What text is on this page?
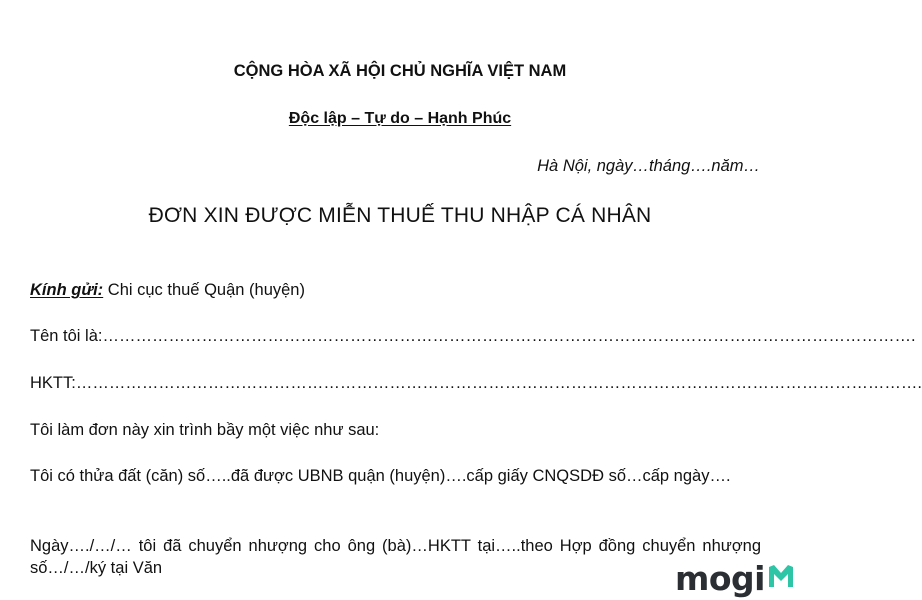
CỘNG HÒA XÃ HỘI CHỦ NGHĨA VIỆT NAM
Độc lập – Tự do – Hạnh Phúc
Hà Nội, ngày…tháng….năm…
ĐƠN XIN ĐƯỢC MIỄN THUẾ THU NHẬP CÁ NHÂN
Kính gửi: Chi cục thuế Quận (huyện)
Tên tôi là:………………………………………………………………………………………………………………………………….
HKTT:……………………………………………………………………………………………………………………………………….
Tôi làm đơn này xin trình bầy một việc như sau:
Tôi có thửa đất (căn) số…..đã được UBNB quận (huyện)….cấp giấy CNQSDĐ số…cấp ngày….
Ngày…./…/… tôi đã chuyển nhượng cho ông (bà)…HKTT tại…..theo Hợp đồng chuyển nhượng số…/…/ký tại Văn	mogi
